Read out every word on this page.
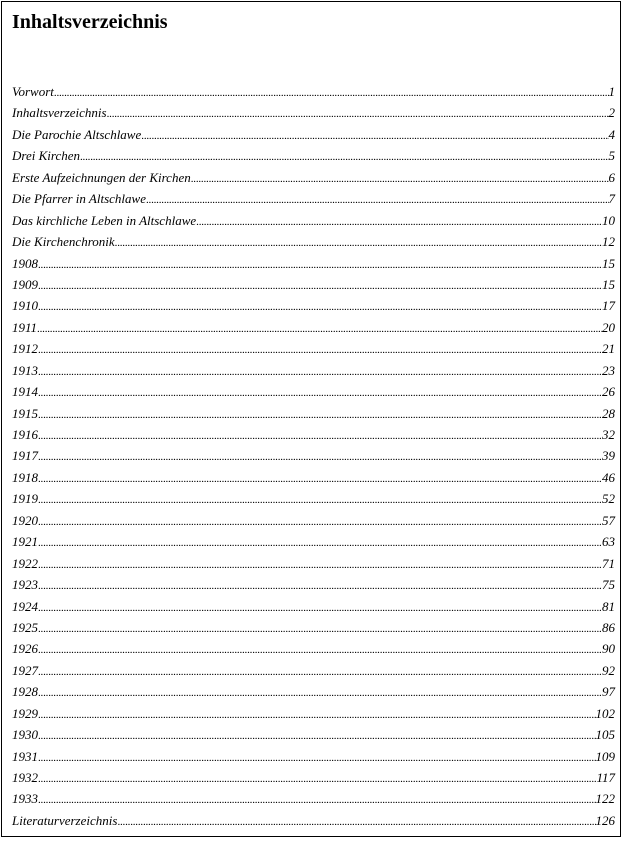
Inhaltsverzeichnis
Vorwort .....	1
Inhaltsverzeichnis .....	2
Die Parochie Altschlawe .....	4
Drei Kirchen .....	5
Erste Aufzeichnungen der Kirchen .....	6
Die Pfarrer in Altschlawe .....	7
Das kirchliche Leben in Altschlawe .....	10
Die Kirchenchronik .....	12
1908 .....	15
1909 .....	15
1910 .....	17
1911 .....	20
1912 .....	21
1913 .....	23
1914 .....	26
1915 .....	28
1916 .....	32
1917 .....	39
1918 .....	46
1919 .....	52
1920 .....	57
1921 .....	63
1922 .....	71
1923 .....	75
1924 .....	81
1925 .....	86
1926 .....	90
1927 .....	92
1928 .....	97
1929 .....	102
1930 .....	105
1931 .....	109
1932 .....	117
1933 .....	122
Literaturverzeichnis .....	126
